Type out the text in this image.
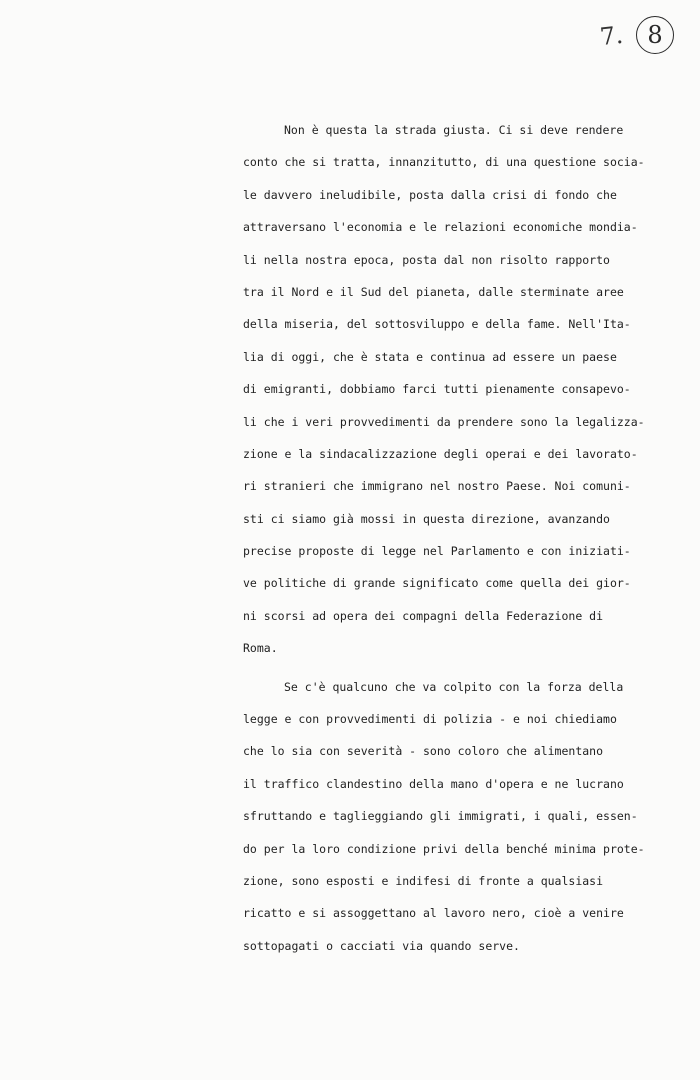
7. 8
Non è questa la strada giusta. Ci si deve rendere
conto che si tratta, innanzitutto, di una questione socia-
le davvero ineludibile, posta dalla crisi di fondo che
attraversano l'economia e le relazioni economiche mondia-
li nella nostra epoca, posta dal non risolto rapporto
tra il Nord e il Sud del pianeta, dalle sterminate aree
della miseria, del sottosviluppo e della fame. Nell'Ita-
lia di oggi, che è stata e continua ad essere un paese
di emigranti, dobbiamo farci tutti pienamente consapevo-
li che i veri provvedimenti da prendere sono la legalizza-
zione e la sindacalizzazione degli operai e dei lavorato-
ri stranieri che immigrano nel nostro Paese. Noi comuni-
sti ci siamo già mossi in questa direzione, avanzando
precise proposte di legge nel Parlamento e con iniziati-
ve politiche di grande significato come quella dei gior-
ni scorsi ad opera dei compagni della Federazione di
Roma.
Se c'è qualcuno che va colpito con la forza della
legge e con provvedimenti di polizia - e noi chiediamo
che lo sia con severità - sono coloro che alimentano
il traffico clandestino della mano d'opera e ne lucrano
sfruttando e taglieggiando gli immigrati, i quali, essen-
do per la loro condizione privi della benché minima prote-
zione, sono esposti e indifesi di fronte a qualsiasi
ricatto e si assoggettano al lavoro nero, cioè a venire
sottopagati o cacciati via quando serve.
